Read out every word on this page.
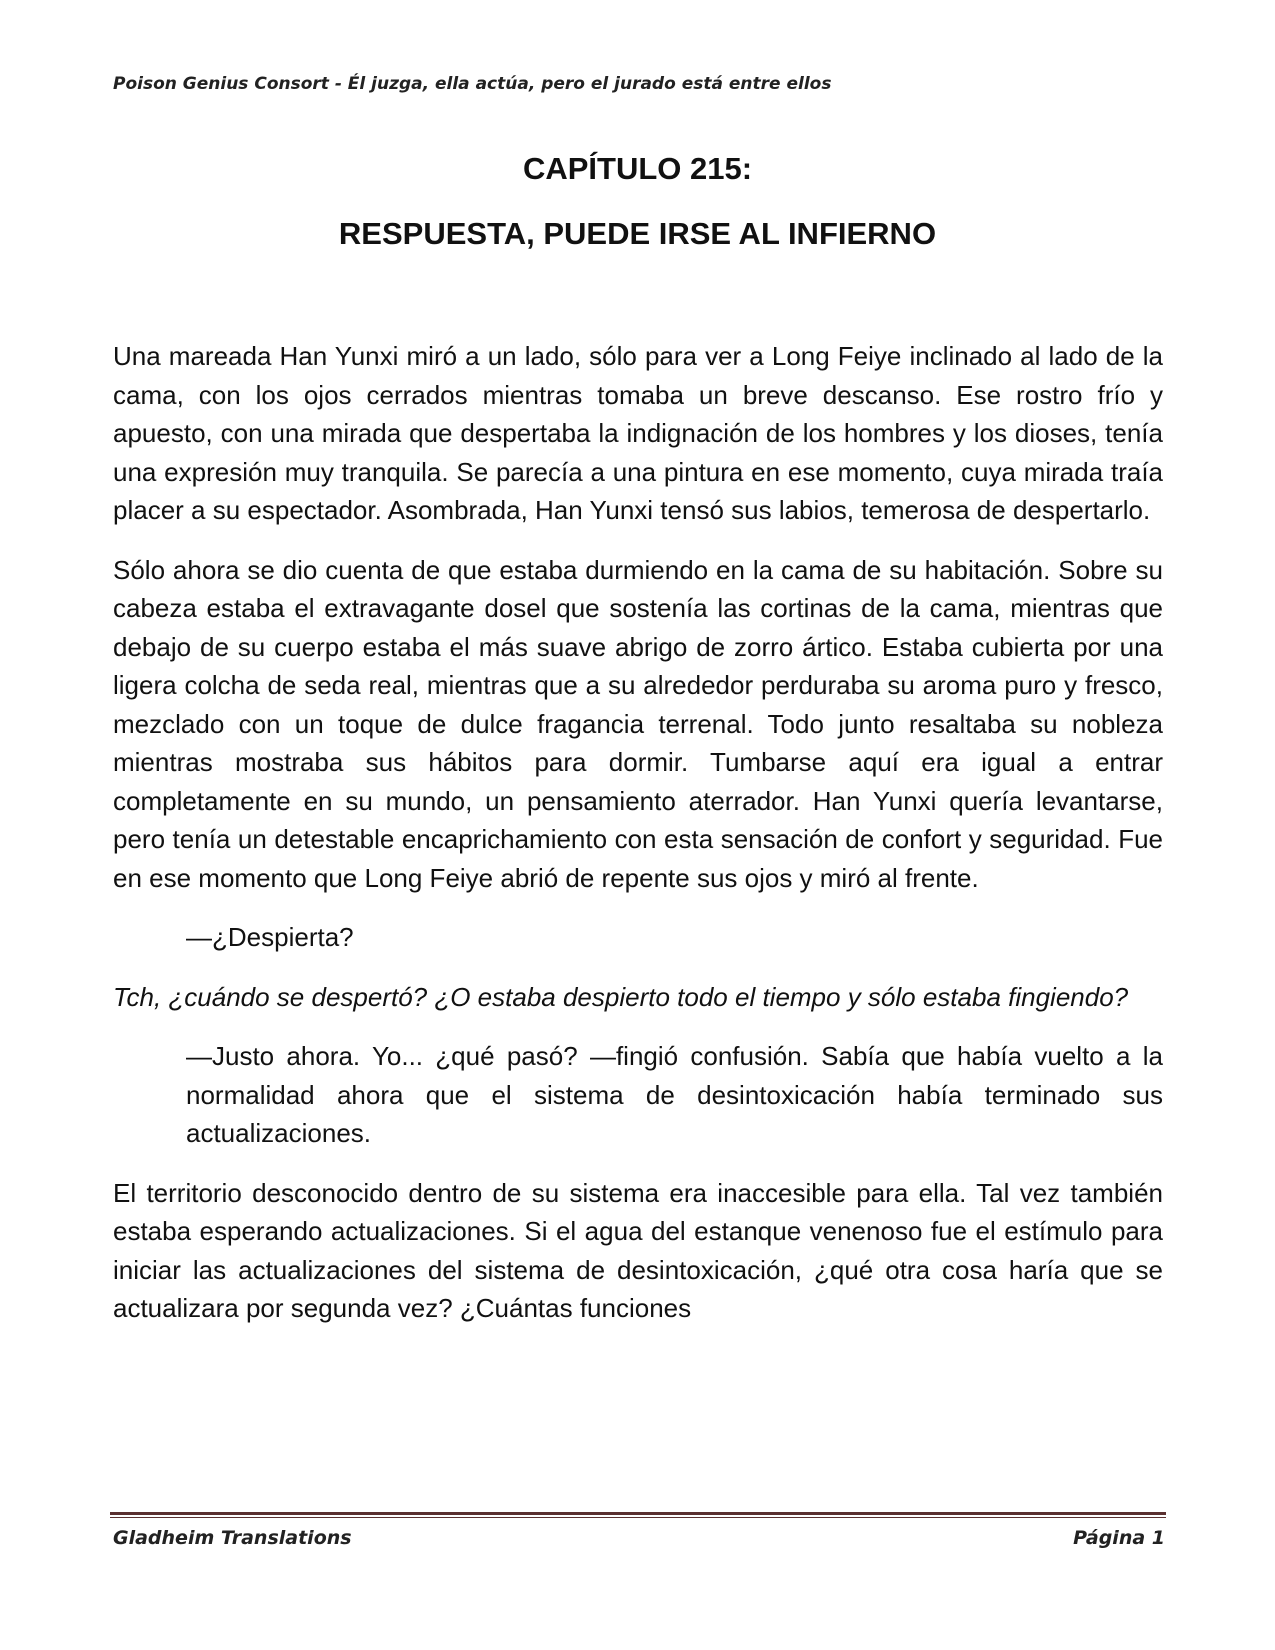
Poison Genius Consort - Él juzga, ella actúa, pero el jurado está entre ellos
CAPÍTULO 215:
RESPUESTA, PUEDE IRSE AL INFIERNO

Una mareada Han Yunxi miró a un lado, sólo para ver a Long Feiye inclinado al lado de la cama, con los ojos cerrados mientras tomaba un breve descanso. Ese rostro frío y apuesto, con una mirada que despertaba la indignación de los hombres y los dioses, tenía una expresión muy tranquila. Se parecía a una pintura en ese momento, cuya mirada traía placer a su espectador. Asombrada, Han Yunxi tensó sus labios, temerosa de despertarlo.

Sólo ahora se dio cuenta de que estaba durmiendo en la cama de su habitación. Sobre su cabeza estaba el extravagante dosel que sostenía las cortinas de la cama, mientras que debajo de su cuerpo estaba el más suave abrigo de zorro ártico. Estaba cubierta por una ligera colcha de seda real, mientras que a su alrededor perduraba su aroma puro y fresco, mezclado con un toque de dulce fragancia terrenal. Todo junto resaltaba su nobleza mientras mostraba sus hábitos para dormir. Tumbarse aquí era igual a entrar completamente en su mundo, un pensamiento aterrador. Han Yunxi quería levantarse, pero tenía un detestable encaprichamiento con esta sensación de confort y seguridad. Fue en ese momento que Long Feiye abrió de repente sus ojos y miró al frente.

—¿Despierta?

Tch, ¿cuándo se despertó? ¿O estaba despierto todo el tiempo y sólo estaba fingiendo?

—Justo ahora. Yo... ¿qué pasó? —fingió confusión. Sabía que había vuelto a la normalidad ahora que el sistema de desintoxicación había terminado sus actualizaciones.

El territorio desconocido dentro de su sistema era inaccesible para ella. Tal vez también estaba esperando actualizaciones. Si el agua del estanque venenoso fue el estímulo para iniciar las actualizaciones del sistema de desintoxicación, ¿qué otra cosa haría que se actualizara por segunda vez? ¿Cuántas funciones

Gladheim Translations	Página 1
